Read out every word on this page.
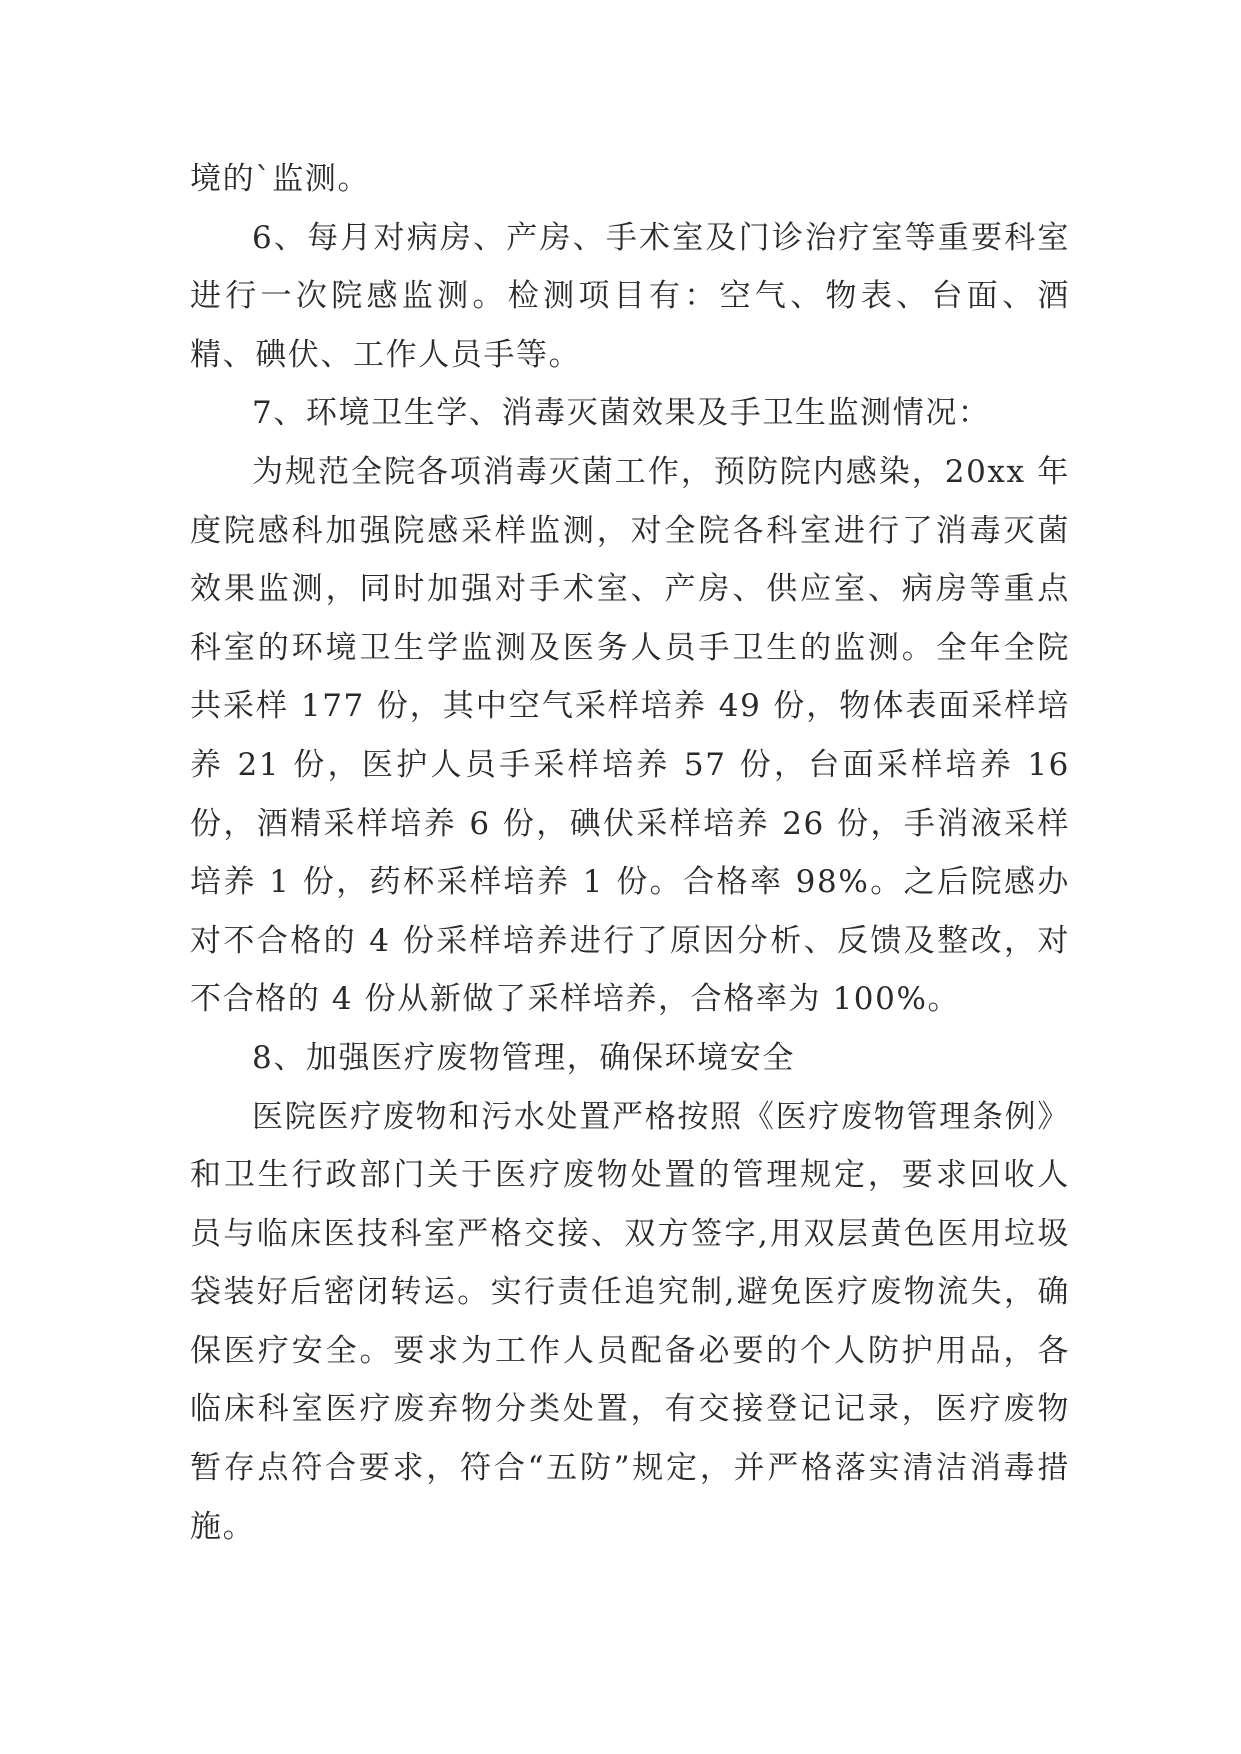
境的`监测。

6、每月对病房、产房、手术室及门诊治疗室等重要科室进行一次院感监测。检测项目有：空气、物表、台面、酒精、碘伏、工作人员手等。

7、环境卫生学、消毒灭菌效果及手卫生监测情况：

为规范全院各项消毒灭菌工作，预防院内感染，20xx 年度院感科加强院感采样监测，对全院各科室进行了消毒灭菌效果监测，同时加强对手术室、产房、供应室、病房等重点科室的环境卫生学监测及医务人员手卫生的监测。全年全院共采样 177 份，其中空气采样培养 49 份，物体表面采样培养 21 份，医护人员手采样培养 57 份，台面采样培养 16 份，酒精采样培养 6 份，碘伏采样培养 26 份，手消液采样培养 1 份，药杯采样培养 1 份。合格率 98%。之后院感办对不合格的 4 份采样培养进行了原因分析、反馈及整改，对不合格的 4 份从新做了采样培养，合格率为 100%。

8、加强医疗废物管理，确保环境安全

医院医疗废物和污水处置严格按照《医疗废物管理条例》和卫生行政部门关于医疗废物处置的管理规定，要求回收人员与临床医技科室严格交接、双方签字,用双层黄色医用垃圾袋装好后密闭转运。实行责任追究制,避免医疗废物流失，确保医疗安全。要求为工作人员配备必要的个人防护用品，各临床科室医疗废弃物分类处置，有交接登记记录，医疗废物暂存点符合要求，符合“五防”规定，并严格落实清洁消毒措施。
